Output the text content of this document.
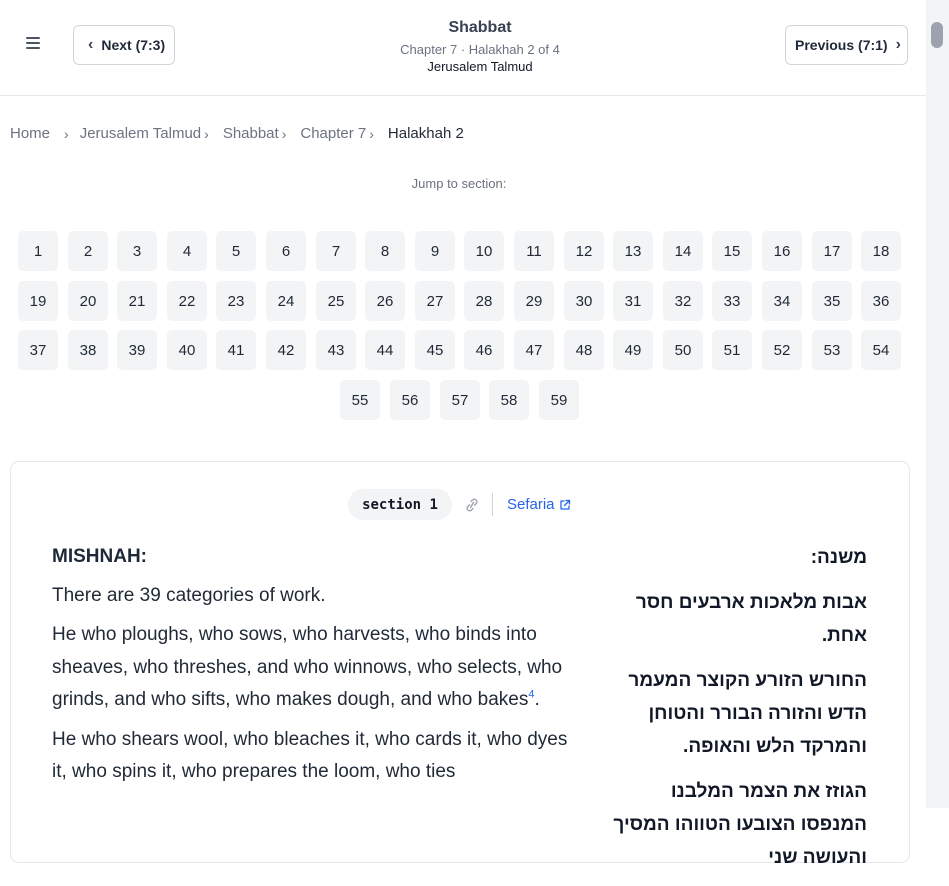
‹ Next (7:3)
Shabbat
Chapter 7 · Halakhah 2 of 4
Jerusalem Talmud
Previous (7:1) ›
Home › Jerusalem Talmud › Shabbat › Chapter 7 › Halakhah 2
Jump to section:
1	2	3	4	5	6	7	8	9	10	11	12	13	14	15	16	17	18
19	20	21	22	23	24	25	26	27	28	29	30	31	32	33	34	35	36
37	38	39	40	41	42	43	44	45	46	47	48	49	50	51	52	53	54
55	56	57	58	59
section 1	Sefaria

MISHNAH:

There are 39 categories of work.

He who ploughs, who sows, who harvests, who binds into sheaves, who threshes, and who winnows, who selects, who grinds, and who sifts, who makes dough, and who bakes$^4$.

He who shears wool, who bleaches it, who cards it, who dyes it, who spins it, who prepares the loom, who ties

משנה:

אבות מלאכות ארבעים חסר אחת.

החורש הזורע הקוצר המעמר הדש והזורה הבורר והטוחן והמרקד הלש והאופה.

הגוזז את הצמר המלבנו המנפסו הצובעו הטווהו המסיך והעושה שני
